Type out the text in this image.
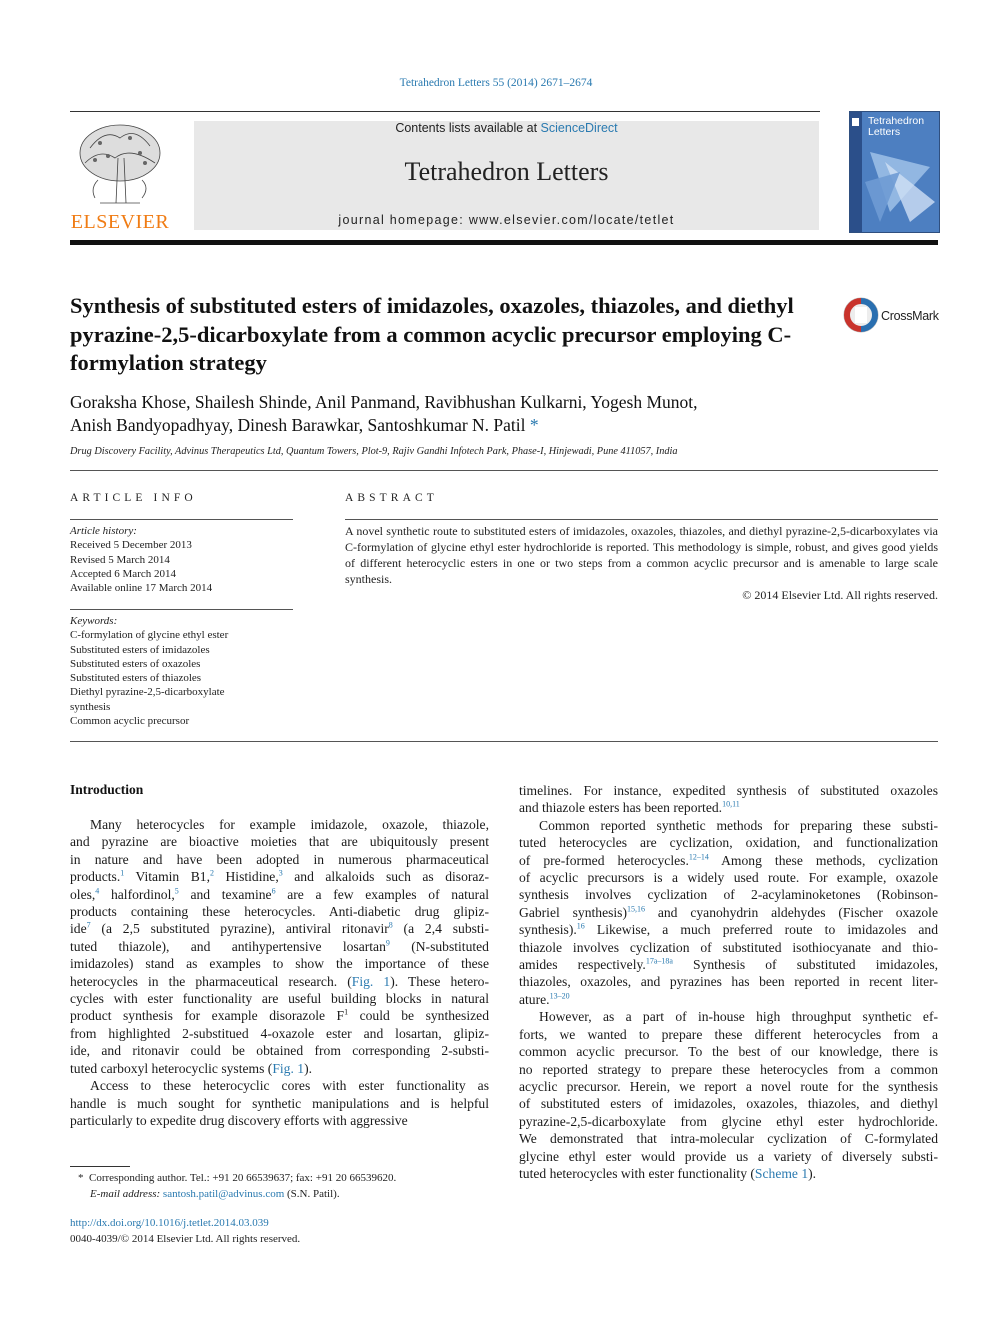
Tetrahedron Letters 55 (2014) 2671–2674
ELSEVIER
Contents lists available at ScienceDirect
Tetrahedron Letters
journal homepage: www.elsevier.com/locate/tetlet
Tetrahedron Letters
Synthesis of substituted esters of imidazoles, oxazoles, thiazoles, and diethyl pyrazine-2,5-dicarboxylate from a common acyclic precursor employing C-formylation strategy
CrossMark
Goraksha Khose, Shailesh Shinde, Anil Panmand, Ravibhushan Kulkarni, Yogesh Munot,
Anish Bandyopadhyay, Dinesh Barawkar, Santoshkumar N. Patil *
Drug Discovery Facility, Advinus Therapeutics Ltd, Quantum Towers, Plot-9, Rajiv Gandhi Infotech Park, Phase-I, Hinjewadi, Pune 411057, India
ARTICLE INFO
Article history:
Received 5 December 2013
Revised 5 March 2014
Accepted 6 March 2014
Available online 17 March 2014
Keywords:
C-formylation of glycine ethyl ester
Substituted esters of imidazoles
Substituted esters of oxazoles
Substituted esters of thiazoles
Diethyl pyrazine-2,5-dicarboxylate
synthesis
Common acyclic precursor
ABSTRACT
A novel synthetic route to substituted esters of imidazoles, oxazoles, thiazoles, and diethyl pyrazine-2,5-dicarboxylates via C-formylation of glycine ethyl ester hydrochloride is reported. This methodology is simple, robust, and gives good yields of different heterocyclic esters in one or two steps from a common acyclic precursor and is amenable to large scale synthesis.
© 2014 Elsevier Ltd. All rights reserved.
Introduction
Many heterocycles for example imidazole, oxazole, thiazole,
and pyrazine are bioactive moieties that are ubiquitously present
in nature and have been adopted in numerous pharmaceutical
products.$^1$ Vitamin B1,$^2$ Histidine,$^3$ and alkaloids such as disoraz-
oles,$^4$ halfordinol,$^5$ and texamine$^6$ are a few examples of natural
products containing these heterocycles. Anti-diabetic drug glipiz-
ide$^7$ (a 2,5 substituted pyrazine), antiviral ritonavir$^8$ (a 2,4 substi-
tuted thiazole), and antihypertensive losartan$^9$ (N-substituted
imidazoles) stand as examples to show the importance of these
heterocycles in the pharmaceutical research. (Fig. 1). These hetero-
cycles with ester functionality are useful building blocks in natural
product synthesis for example disorazole $F^1$ could be synthesized
from highlighted 2-substitued 4-oxazole ester and losartan, glipiz-
ide, and ritonavir could be obtained from corresponding 2-substi-
tuted carboxyl heterocyclic systems (Fig. 1).
Access to these heterocyclic cores with ester functionality as
handle is much sought for synthetic manipulations and is helpful
particularly to expedite drug discovery efforts with aggressive
timelines. For instance, expedited synthesis of substituted oxazoles
and thiazole esters has been reported.$^{10,11}$
Common reported synthetic methods for preparing these substi-
tuted heterocycles are cyclization, oxidation, and functionalization
of pre-formed heterocycles.$^{12-14}$ Among these methods, cyclization
of acyclic precursors is a widely used route. For example, oxazole
synthesis involves cyclization of 2-acylaminoketones (Robinson-
Gabriel synthesis)$^{15,16}$ and cyanohydrin aldehydes (Fischer oxazole
synthesis).$^{16}$ Likewise, a much preferred route to imidazoles and
thiazole involves cyclization of substituted isothiocyanate and thio-
amides respectively.$^{17a-18a}$ Synthesis of substituted imidazoles,
thiazoles, oxazoles, and pyrazines has been reported in recent liter-
ature.$^{13-20}$
However, as a part of in-house high throughput synthetic ef-
forts, we wanted to prepare these different heterocycles from a
common acyclic precursor. To the best of our knowledge, there is
no reported strategy to prepare these heterocycles from a common
acyclic precursor. Herein, we report a novel route for the synthesis
of substituted esters of imidazoles, oxazoles, thiazoles, and diethyl
pyrazine-2,5-dicarboxylate from glycine ethyl ester hydrochloride.
We demonstrated that intra-molecular cyclization of C-formylated
glycine ethyl ester would provide us a variety of diversely substi-
tuted heterocycles with ester functionality (Scheme 1).
* Corresponding author. Tel.: +91 20 66539637; fax: +91 20 66539620.
E-mail address: santosh.patil@advinus.com (S.N. Patil).
http://dx.doi.org/10.1016/j.tetlet.2014.03.039
0040-4039/© 2014 Elsevier Ltd. All rights reserved.
